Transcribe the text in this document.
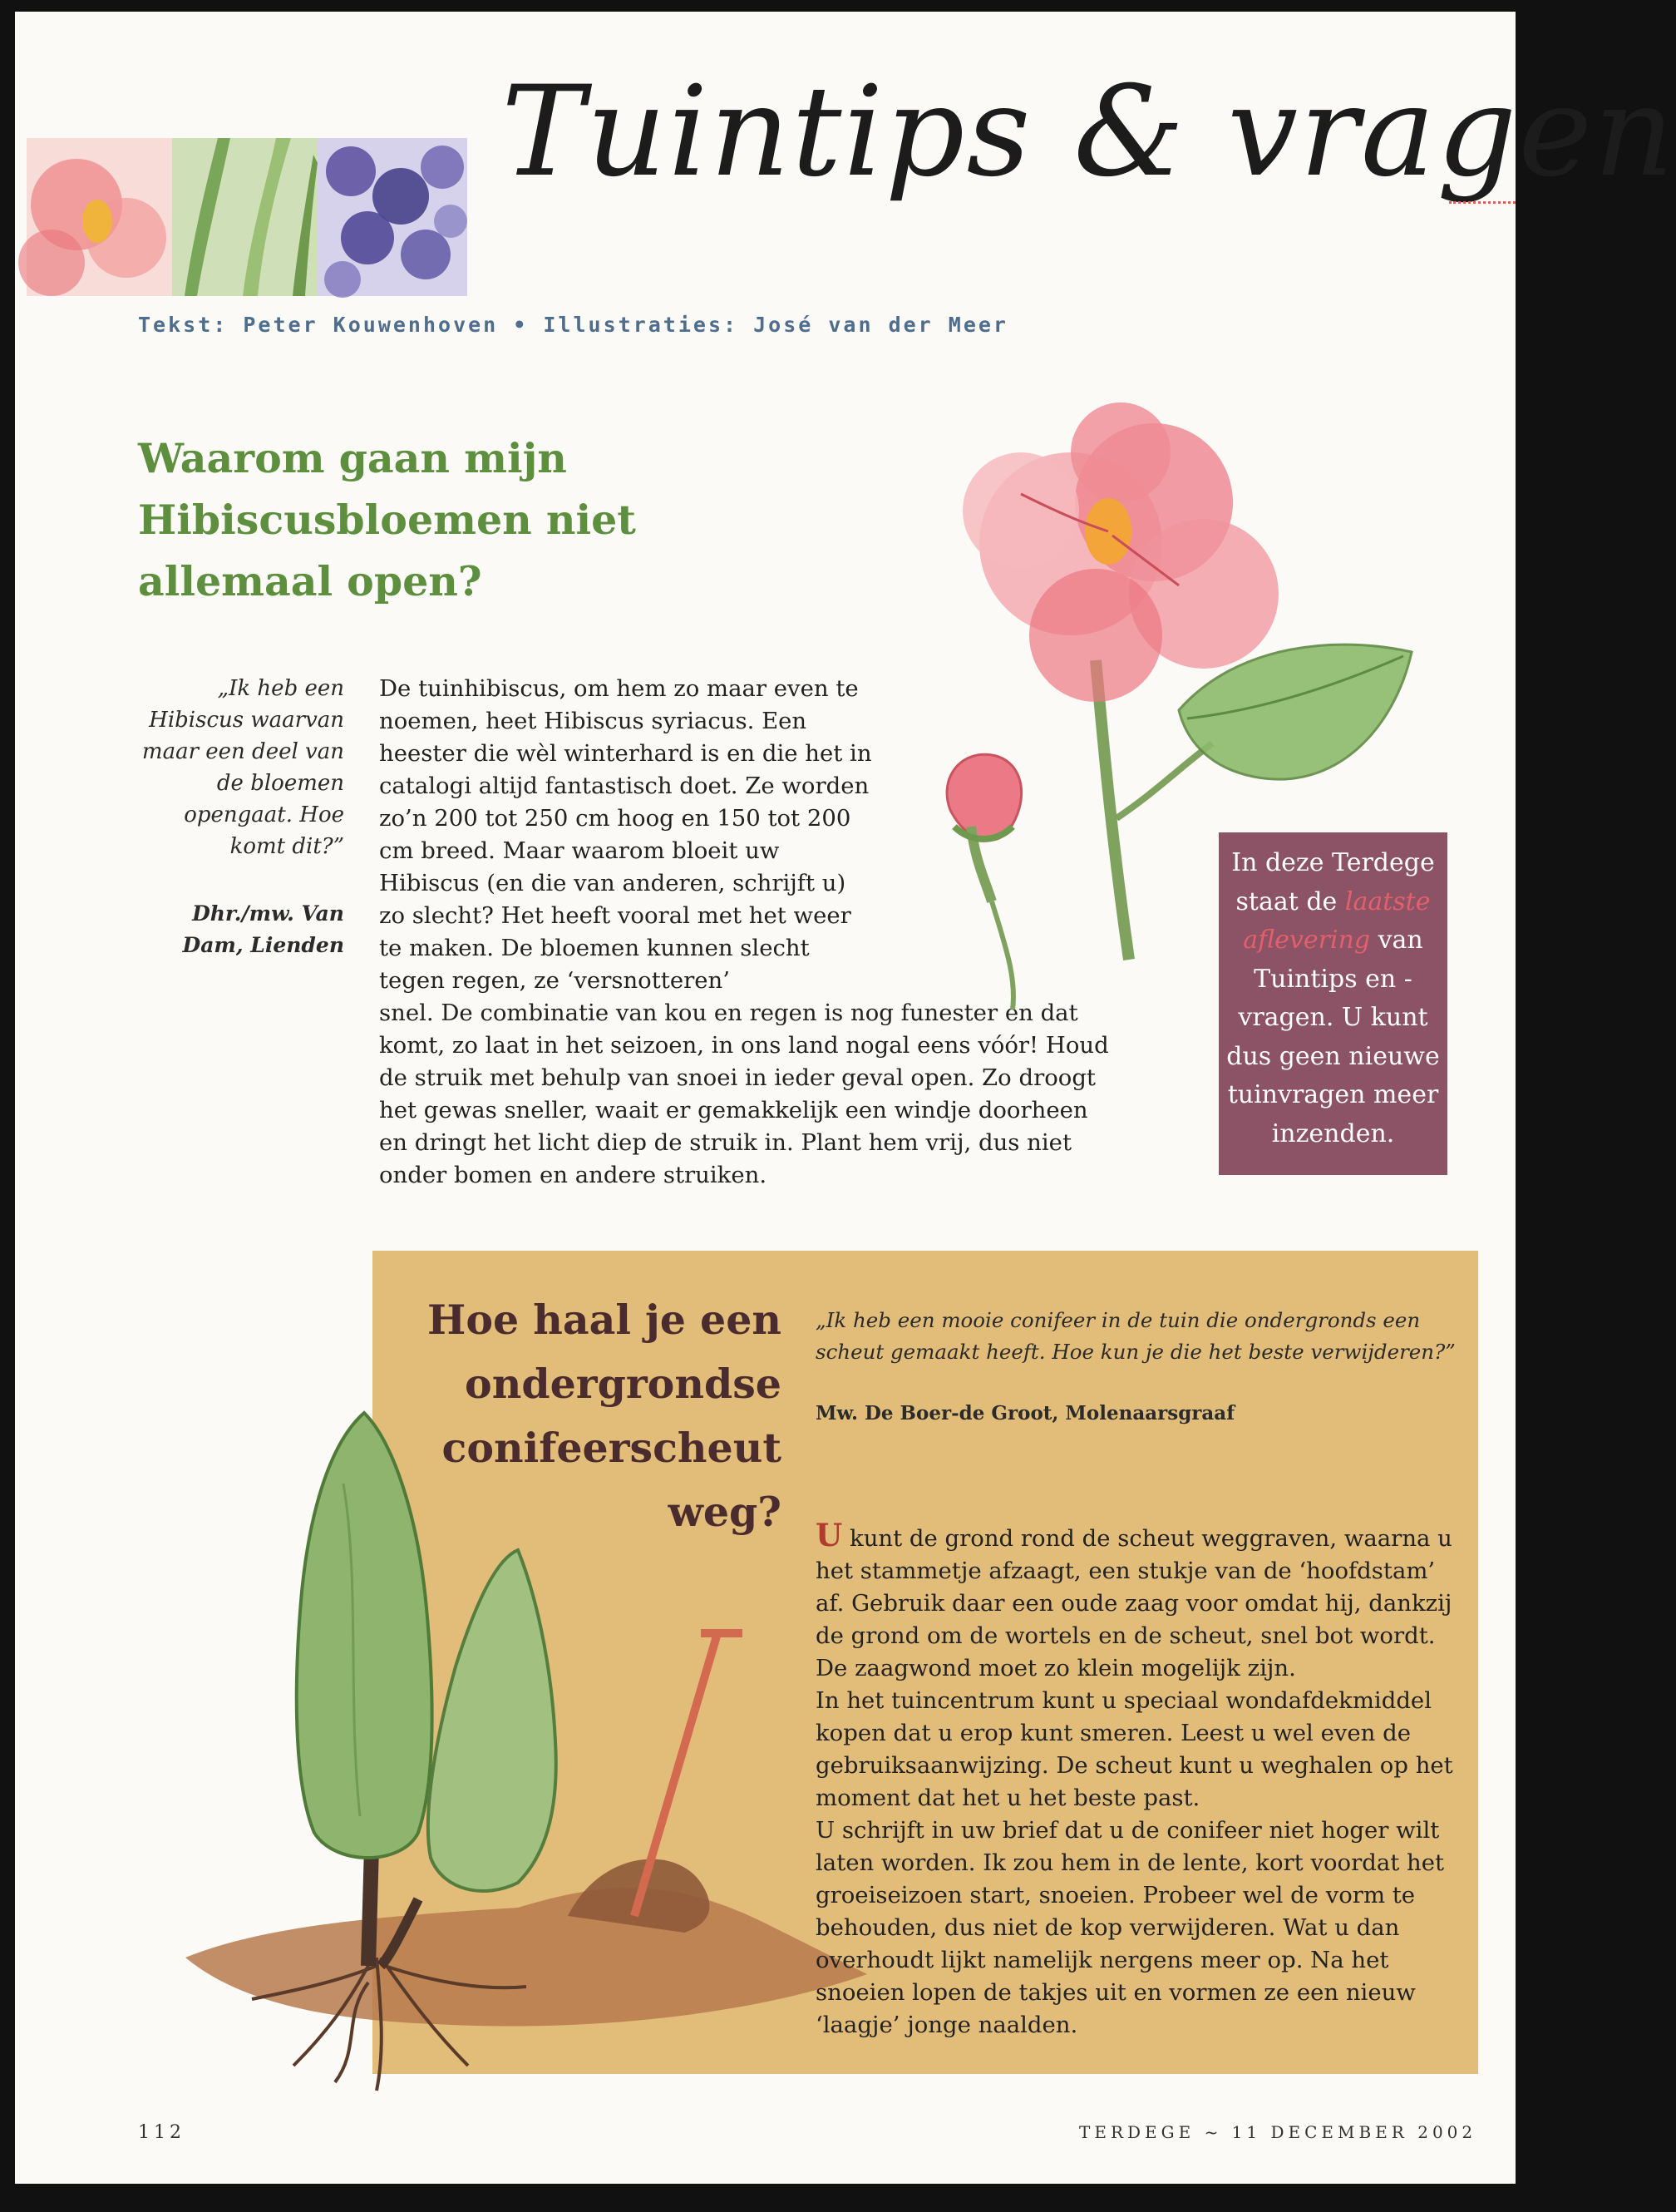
Tuintips & vragen
Tekst: Peter Kouwenhoven • Illustraties: José van der Meer
Waarom gaan mijn Hibiscusbloemen niet allemaal open?
„Ik heb een Hibiscus waarvan maar een deel van de bloemen opengaat. Hoe komt dit?”
Dhr./mw. Van Dam, Lienden

De tuinhibiscus, om hem zo maar even te noemen, heet Hibiscus syriacus. Een heester die wèl winterhard is en die het in catalogi altijd fantastisch doet. Ze worden zo’n 200 tot 250 cm hoog en 150 tot 200 cm breed. Maar waarom bloeit uw Hibiscus (en die van anderen, schrijft u) zo slecht? Het heeft vooral met het weer te maken. De bloemen kunnen slecht tegen regen, ze ‘versnotteren’

snel. De combinatie van kou en regen is nog funester en dat komt, zo laat in het seizoen, in ons land nogal eens vóór! Houd de struik met behulp van snoei in ieder geval open. Zo droogt het gewas sneller, waait er gemakkelijk een windje doorheen en dringt het licht diep de struik in. Plant hem vrij, dus niet onder bomen en andere struiken.

In deze Terdege staat de laatste aflevering van Tuintips en -vragen. U kunt dus geen nieuwe tuinvragen meer inzenden.
Hoe haal je een ondergrondse conifeerscheut weg?
„Ik heb een mooie conifeer in de tuin die ondergronds een scheut gemaakt heeft. Hoe kun je die het beste verwijderen?”
Mw. De Boer-de Groot, Molenaarsgraaf

U kunt de grond rond de scheut weggraven, waarna u het stammetje afzaagt, een stukje van de ‘hoofdstam’ af. Gebruik daar een oude zaag voor omdat hij, dankzij de grond om de wortels en de scheut, snel bot wordt. De zaagwond moet zo klein mogelijk zijn.

In het tuincentrum kunt u speciaal wondafdekmiddel kopen dat u erop kunt smeren. Leest u wel even de gebruiksaanwijzing. De scheut kunt u weghalen op het moment dat het u het beste past.

U schrijft in uw brief dat u de conifeer niet hoger wilt laten worden. Ik zou hem in de lente, kort voordat het groeiseizoen start, snoeien. Probeer wel de vorm te behouden, dus niet de kop verwijderen. Wat u dan overhoudt lijkt namelijk nergens meer op. Na het snoeien lopen de takjes uit en vormen ze een nieuw ‘laagje’ jonge naalden.

112	TERDEGE ~ 11 DECEMBER 2002
